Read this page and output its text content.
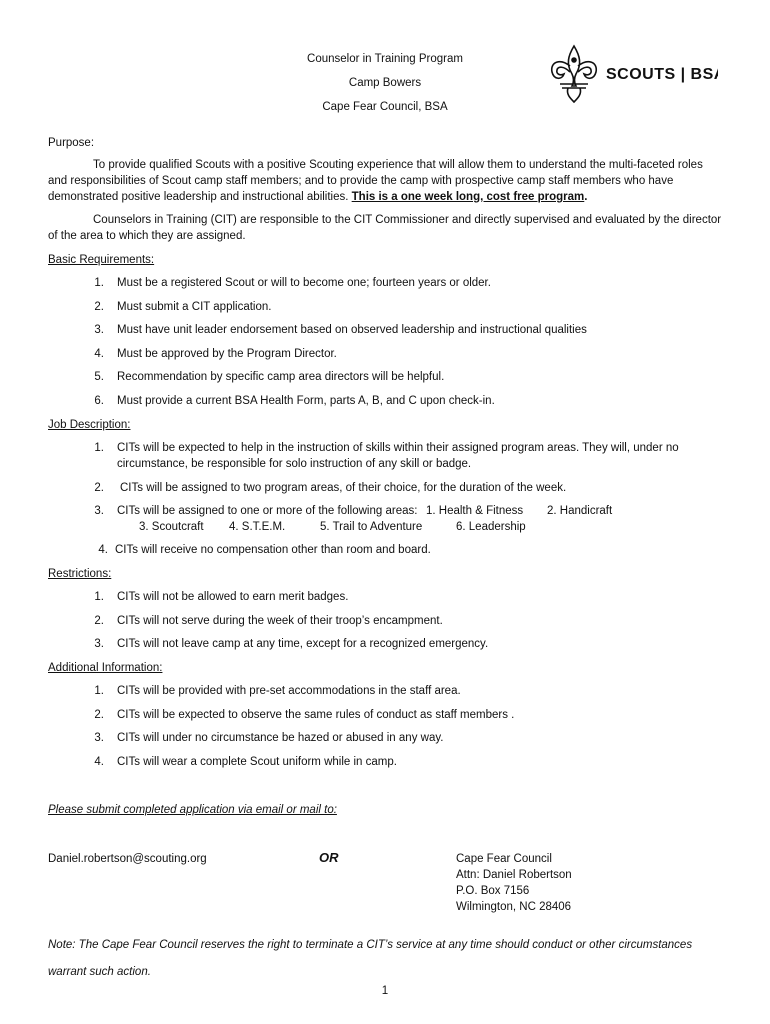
Counselor in Training Program
Camp Bowers
Cape Fear Council, BSA
SCOUTS | BSA
Purpose:
To provide qualified Scouts with a positive Scouting experience that will allow them to understand the multi-faceted roles
and responsibilities of Scout camp staff members; and to provide the camp with prospective camp staff members who have
demonstrated positive leadership and instructional abilities. This is a one week long, cost free program.
Counselors in Training (CIT) are responsible to the CIT Commissioner and directly supervised and evaluated by the director
of the area to which they are assigned.
Basic Requirements:
1. Must be a registered Scout or will to become one; fourteen years or older.
2. Must submit a CIT application.
3. Must have unit leader endorsement based on observed leadership and instructional qualities
4. Must be approved by the Program Director.
5. Recommendation by specific camp area directors will be helpful.
6. Must provide a current BSA Health Form, parts A, B, and C upon check-in.
Job Description:
1. CITs will be expected to help in the instruction of skills within their assigned program areas. They will, under no
circumstance, be responsible for solo instruction of any skill or badge.
2. CITs will be assigned to two program areas, of their choice, for the duration of the week.
3. CITs will be assigned to one or more of the following areas: 1. Health & Fitness 2. Handicraft
3. Scoutcraft 4. S.T.E.M.	5. Trail to Adventure	6. Leadership
4. CITs will receive no compensation other than room and board.
Restrictions:
1. CITs will not be allowed to earn merit badges.
2. CITs will not serve during the week of their troop’s encampment.
3. CITs will not leave camp at any time, except for a recognized emergency.
Additional Information:
1. CITs will be provided with pre-set accommodations in the staff area.
2. CITs will be expected to observe the same rules of conduct as staff members .
3. CITs will under no circumstance be hazed or abused in any way.
4. CITs will wear a complete Scout uniform while in camp.
Please submit completed application via email or mail to:
Daniel.robertson@scouting.org	OR	Cape Fear Council
Attn: Daniel Robertson
P.O. Box 7156
Wilmington, NC 28406
Note: The Cape Fear Council reserves the right to terminate a CIT’s service at any time should conduct or other circumstances
warrant such action.
1
